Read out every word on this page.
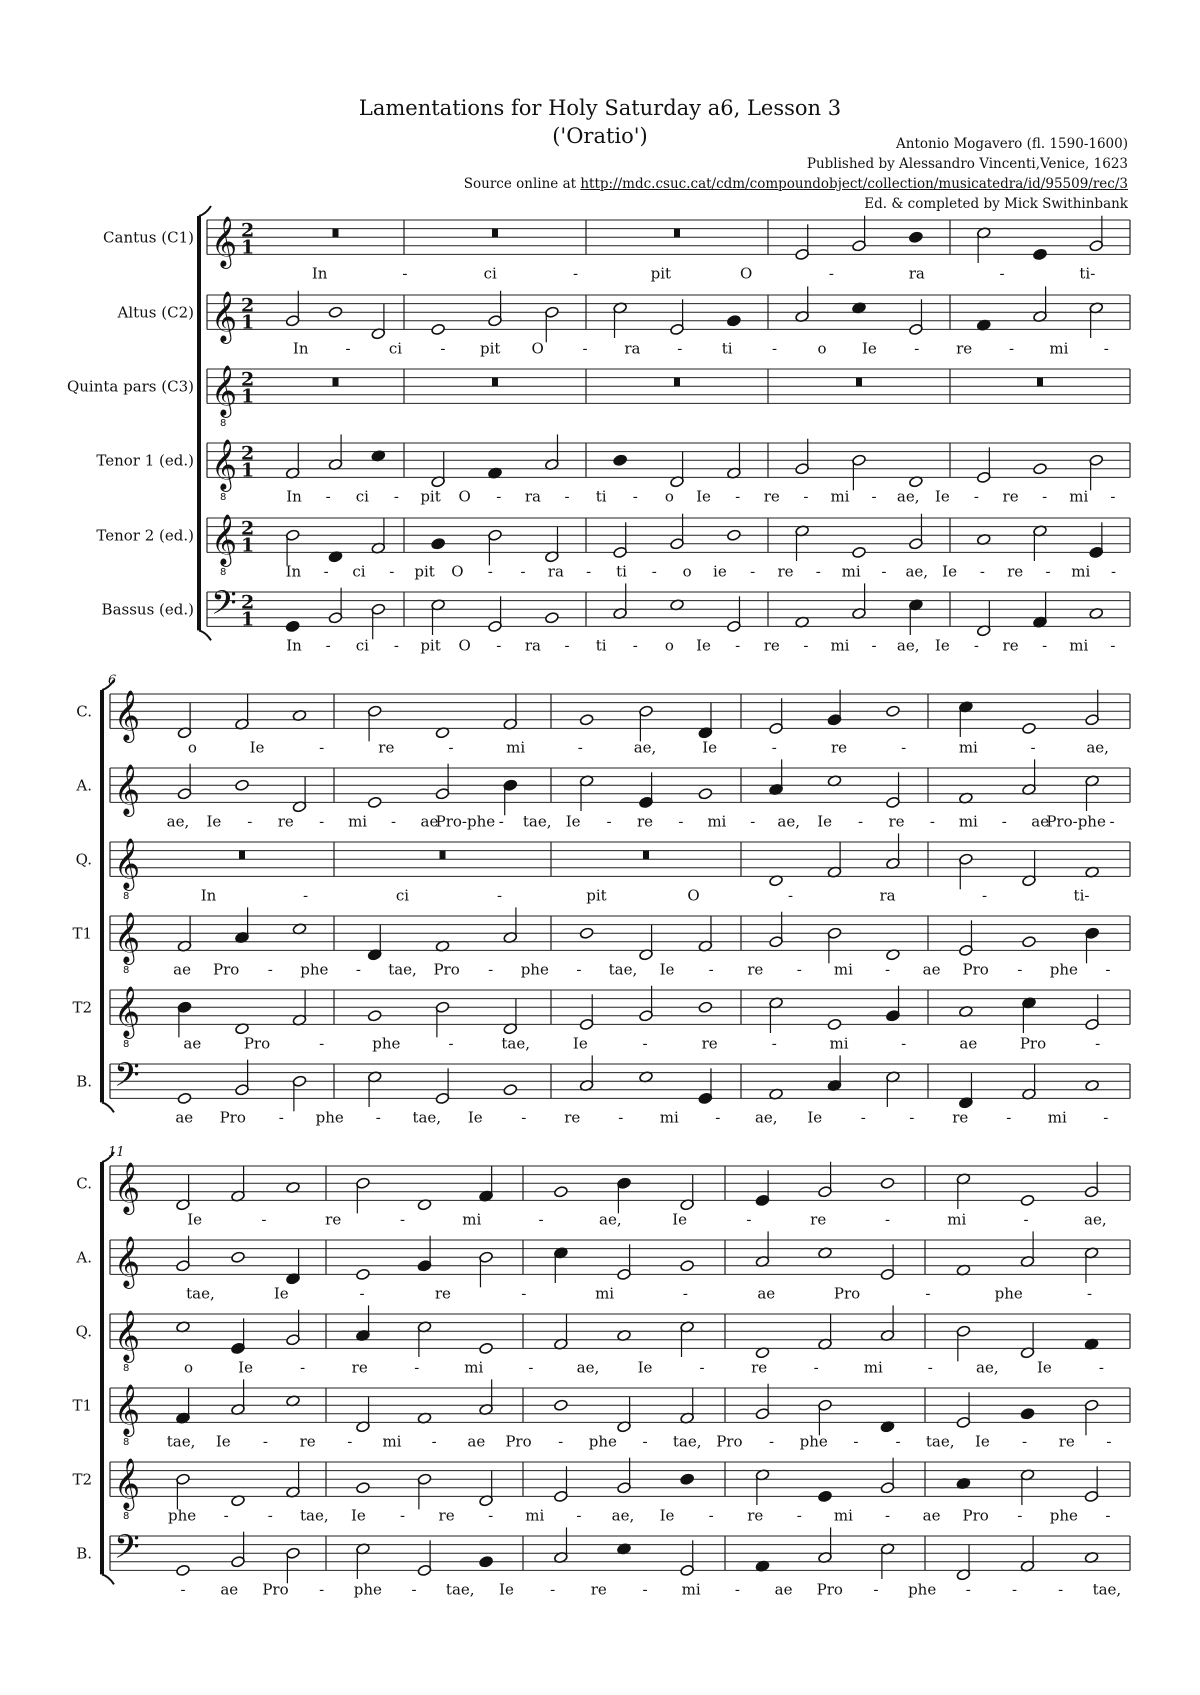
Lamentations for Holy Saturday a6, Lesson 3
('Oratio')	Antonio Mogavero (fl. 1590-1600)
Published by Alessandro Vincenti,Venice, 1623
Source online at http://mdc.csuc.cat/cdm/compoundobject/collection/musicatedra/id/95509/rec/3
Ed. & completed by Mick Swithinbank
Cantus (C1) 𝄞 2
1
In	-	ci	-	pit	O	-	ra	-	ti-
Altus (C2) 𝄞 2
1
In -	ci	- pit O	- ra -	ti	-	o Ie - re - mi -
Quinta pars (C3) 𝄞
8
2
1
Tenor 1 (ed.) 𝄞
8
2
1
In - ci - pit O - ra - ti - o Ie - re - mi - ae, Ie - re - mi -
Tenor 2 (ed.) 𝄞
8
2
1
In - ci - pit O - - ra - ti - o ie - re - mi - ae, Ie - re - mi -
Bassus (ed.) 𝄢 2
1
In - ci - pit O - ra - ti - o Ie - re - mi - ae, Ie - re - mi -
6
C. 𝄞
o	Ie	-	re	-	mi	-	ae,	Ie	-	re	-	mi	-	ae,
A. 𝄞
ae, Ie - re - mi - ae
Pro-phe - tae, Ie - re - mi - ae, Ie - re - mi - ae
Pro-phe -
Q. 𝄞
8	In	-	ci	-	pit	O	-	ra	-	ti-
T1 𝄞
8	ae Pro - phe - tae, Pro - phe - tae, Ie - re - mi - ae Pro - phe -
T2 𝄞
8	ae	Pro	-	phe	-	tae,	Ie	-	re	-	mi	-	ae	Pro	-
B. 𝄢
ae Pro - phe - tae, Ie	-	re	- mi - ae, Ie	-	-	re	- mi -
11
C. 𝄞
Ie	-	re	-	mi	-	ae,	Ie	-	re	-	mi	-	ae,
A. 𝄞
tae,	Ie	-	re	-	mi	-	ae	Pro	-	phe	-
Q. 𝄞
8	o	Ie	-	re	-	mi	-	ae,	Ie	-	re	-	mi	-	ae,	Ie	-
T1 𝄞
8 tae, Ie - re - mi - ae Pro - phe - tae, Pro - phe - - tae, Ie - re -
T2 𝄞
8	phe -	- tae, Ie - re - mi - ae, Ie - re - mi - ae Pro - phe -
B. 𝄢
- ae Pro - phe - tae, Ie - re - mi - ae Pro - phe -	-	- tae,
